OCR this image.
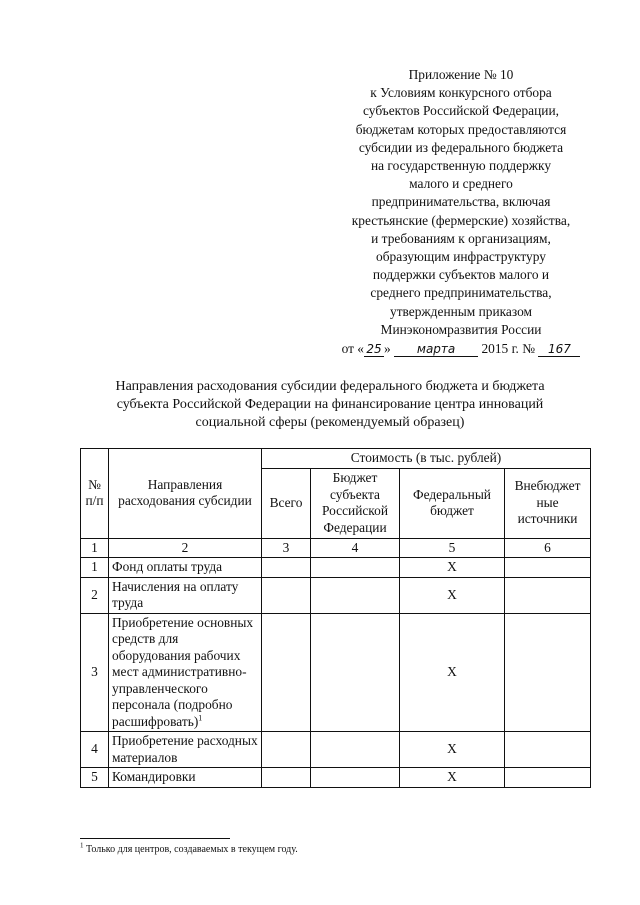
Приложение № 10
к Условиям конкурсного отбора
субъектов Российской Федерации,
бюджетам которых предоставляются
субсидии из федерального бюджета
на государственную поддержку
малого и среднего
предпринимательства, включая
крестьянские (фермерские) хозяйства,
и требованиям к организациям,
образующим инфраструктуру
поддержки субъектов малого и
среднего предпринимательства,
утвержденным приказом
Минэкономразвития России
от « 25 » марта 2015 г. № 167
Направления расходования субсидии федерального бюджета и бюджета
субъекта Российской Федерации на финансирование центра инноваций
социальной сферы (рекомендуемый образец)
№ п/п	Направления расходования субсидии	Стоимость (в тыс. рублей)			
		Всего	Бюджет субъекта Российской Федерации	Федеральный бюджет	Внебюджет ные источники
1	2	3	4	5	6
1	Фонд оплаты труда			X	
2	Начисления на оплату труда			X	
3	Приобретение основных средств для оборудования рабочих мест административно-управленческого персонала (подробно расшифровать)$^1$			X	
4	Приобретение расходных материалов			X	
5	Командировки			X	
$^1$ Только для центров, создаваемых в текущем году.
